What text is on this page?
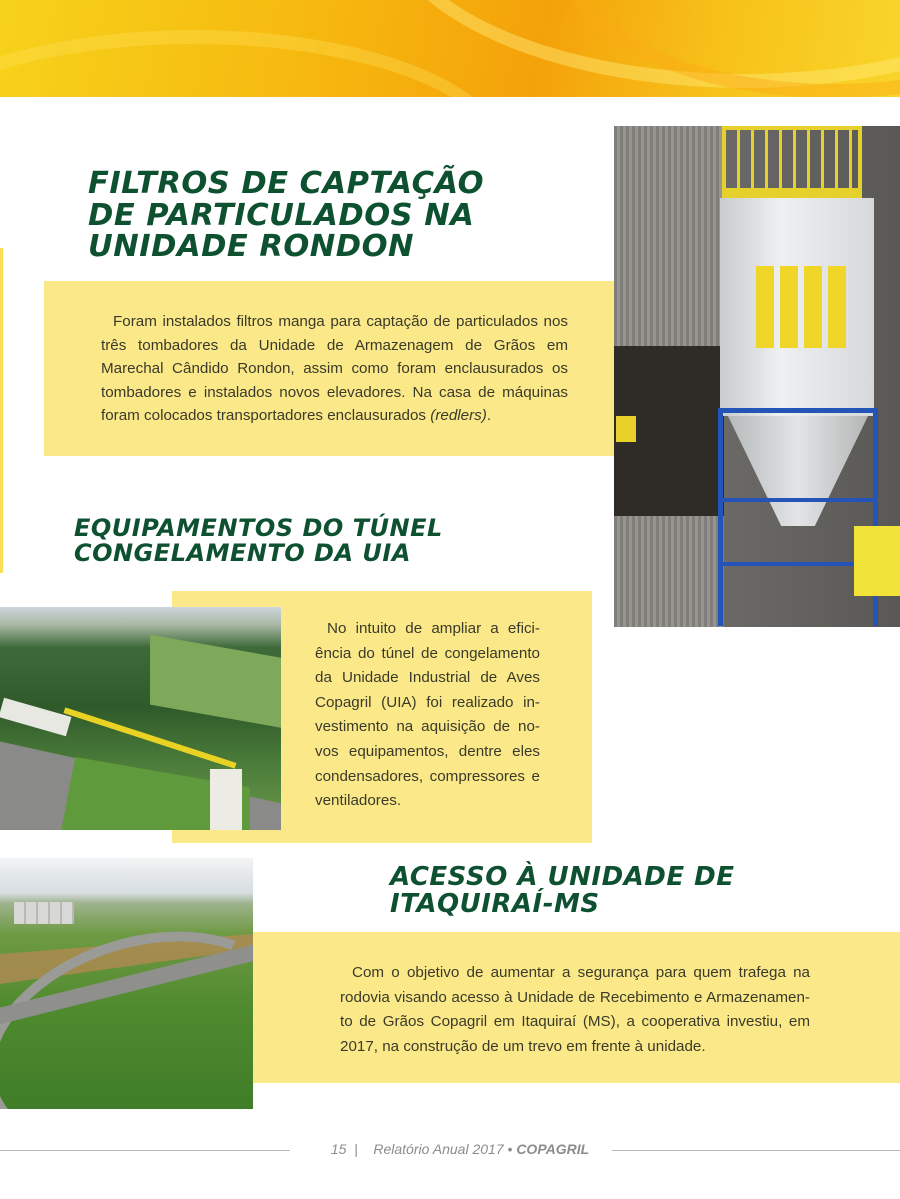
FILTROS DE CAPTAÇÃO
DE PARTICULADOS NA
UNIDADE RONDON

Foram instalados filtros manga para captação de particulados nos três tombadores da Unidade de Armazenagem de Grãos em Marechal Cândido Rondon, assim como foram enclausurados os tombadores e instalados novos elevadores. Na casa de máquinas foram colocados transportadores enclausurados (redlers).

EQUIPAMENTOS DO TÚNEL
CONGELAMENTO DA UIA
No intuito de ampliar a efici-
ência do túnel de congelamento
da Unidade Industrial de Aves
Copagril (UIA) foi realizado in-
vestimento na aquisição de no-
vos equipamentos, dentre eles
condensadores, compressores e
ventiladores.
ACESSO À UNIDADE DE
ITAQUIRAÍ-MS
Com o objetivo de aumentar a segurança para quem trafega na
rodovia visando acesso à Unidade de Recebimento e Armazenamen-
to de Grãos Copagril em Itaquiraí (MS), a cooperativa investiu, em
2017, na construção de um trevo em frente à unidade.
15 | Relatório Anual 2017 • COPAGRIL
